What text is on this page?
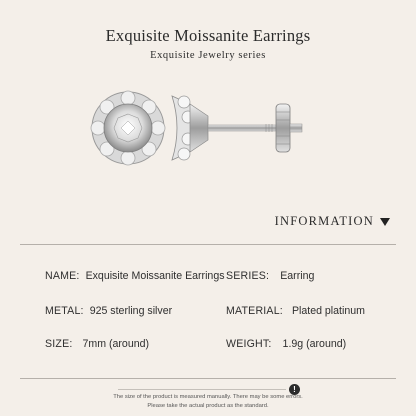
Exquisite Moissanite Earrings
Exquisite Jewelry series
INFORMATION
NAME: Exquisite Moissanite Earrings SERIES: Earring
METAL: 925 sterling silver	MATERIAL: Plated platinum
SIZE: 7mm (around)	WEIGHT: 1.9g (around)
!
The size of the product is measured manually. There may be some errors.
Please take the actual product as the standard.
